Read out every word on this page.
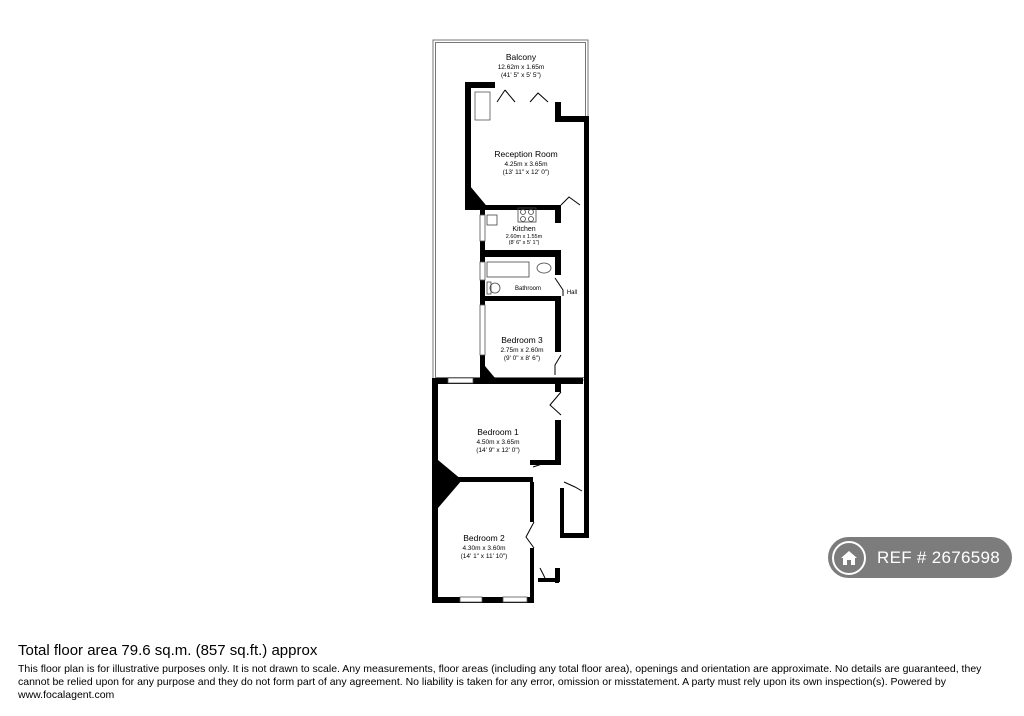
Balcony
12.62m x 1.65m
(41' 5" x 5' 5")
Reception Room
4.25m x 3.65m
(13' 11" x 12' 0")
Kitchen
2.60m x 1.55m
(8' 6" x 5' 1")
Bathroom
Hall
Bedroom 3
2.75m x 2.60m
(9' 0" x 8' 6")
Bedroom 1
4.50m x 3.65m
(14' 9" x 12' 0")
Bedroom 2
4.30m x 3.60m
(14' 1" x 11' 10")	REF # 2676598
Total floor area 79.6 sq.m. (857 sq.ft.) approx
This floor plan is for illustrative purposes only. It is not drawn to scale. Any measurements, floor areas (including any total floor area), openings and orientation are approximate. No details are guaranteed, they cannot be relied upon for any purpose and they do not form part of any agreement. No liability is taken for any error, omission or misstatement. A party must rely upon its own inspection(s). Powered by www.focalagent.com
